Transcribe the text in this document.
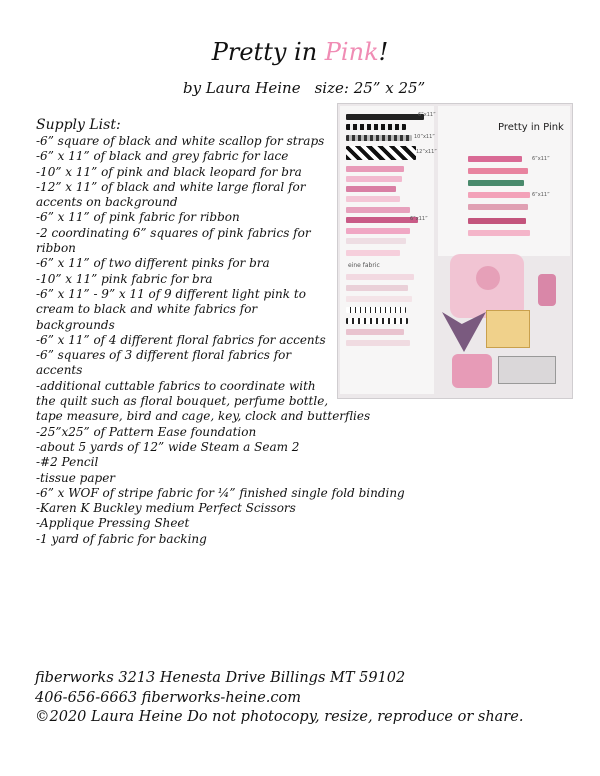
Pretty in Pink!
by Laura Heine size: 25” x 25”
Supply List:
-6” square of black and white scallop for straps
-6” x 11” of black and grey fabric for lace
-10” x 11” of pink and black leopard for bra
-12” x 11” of black and white large floral for
accents on background
-6” x 11” of pink fabric for ribbon
-2 coordinating 6” squares of pink fabrics for
ribbon
-6” x 11” of two different pinks for bra
-10” x 11” pink fabric for bra
-6” x 11” - 9” x 11 of 9 different light pink to
cream to black and white fabrics for
backgrounds
-6” x 11” of 4 different floral fabrics for accents
-6” squares of 3 different floral fabrics for
accents
-additional cuttable fabrics to coordinate with
the quilt such as floral bouquet, perfume bottle,
tape measure, bird and cage, key, clock and butterflies
-25”x25” of Pattern Ease foundation
-about 5 yards of 12” wide Steam a Seam 2
-#2 Pencil
-tissue paper
-6” x WOF of stripe fabric for ¼” finished single fold binding
-Karen K Buckley medium Perfect Scissors
-Applique Pressing Sheet
-1 yard of fabric for backing
Pretty in Pink
eine fabric
6”x11”
10”x11”
12”x11”
6”x11”
6”x11”
6”x11”
fiberworks 3213 Henesta Drive Billings MT 59102
406-656-6663 fiberworks-heine.com
©2020 Laura Heine Do not photocopy, resize, reproduce or share.
